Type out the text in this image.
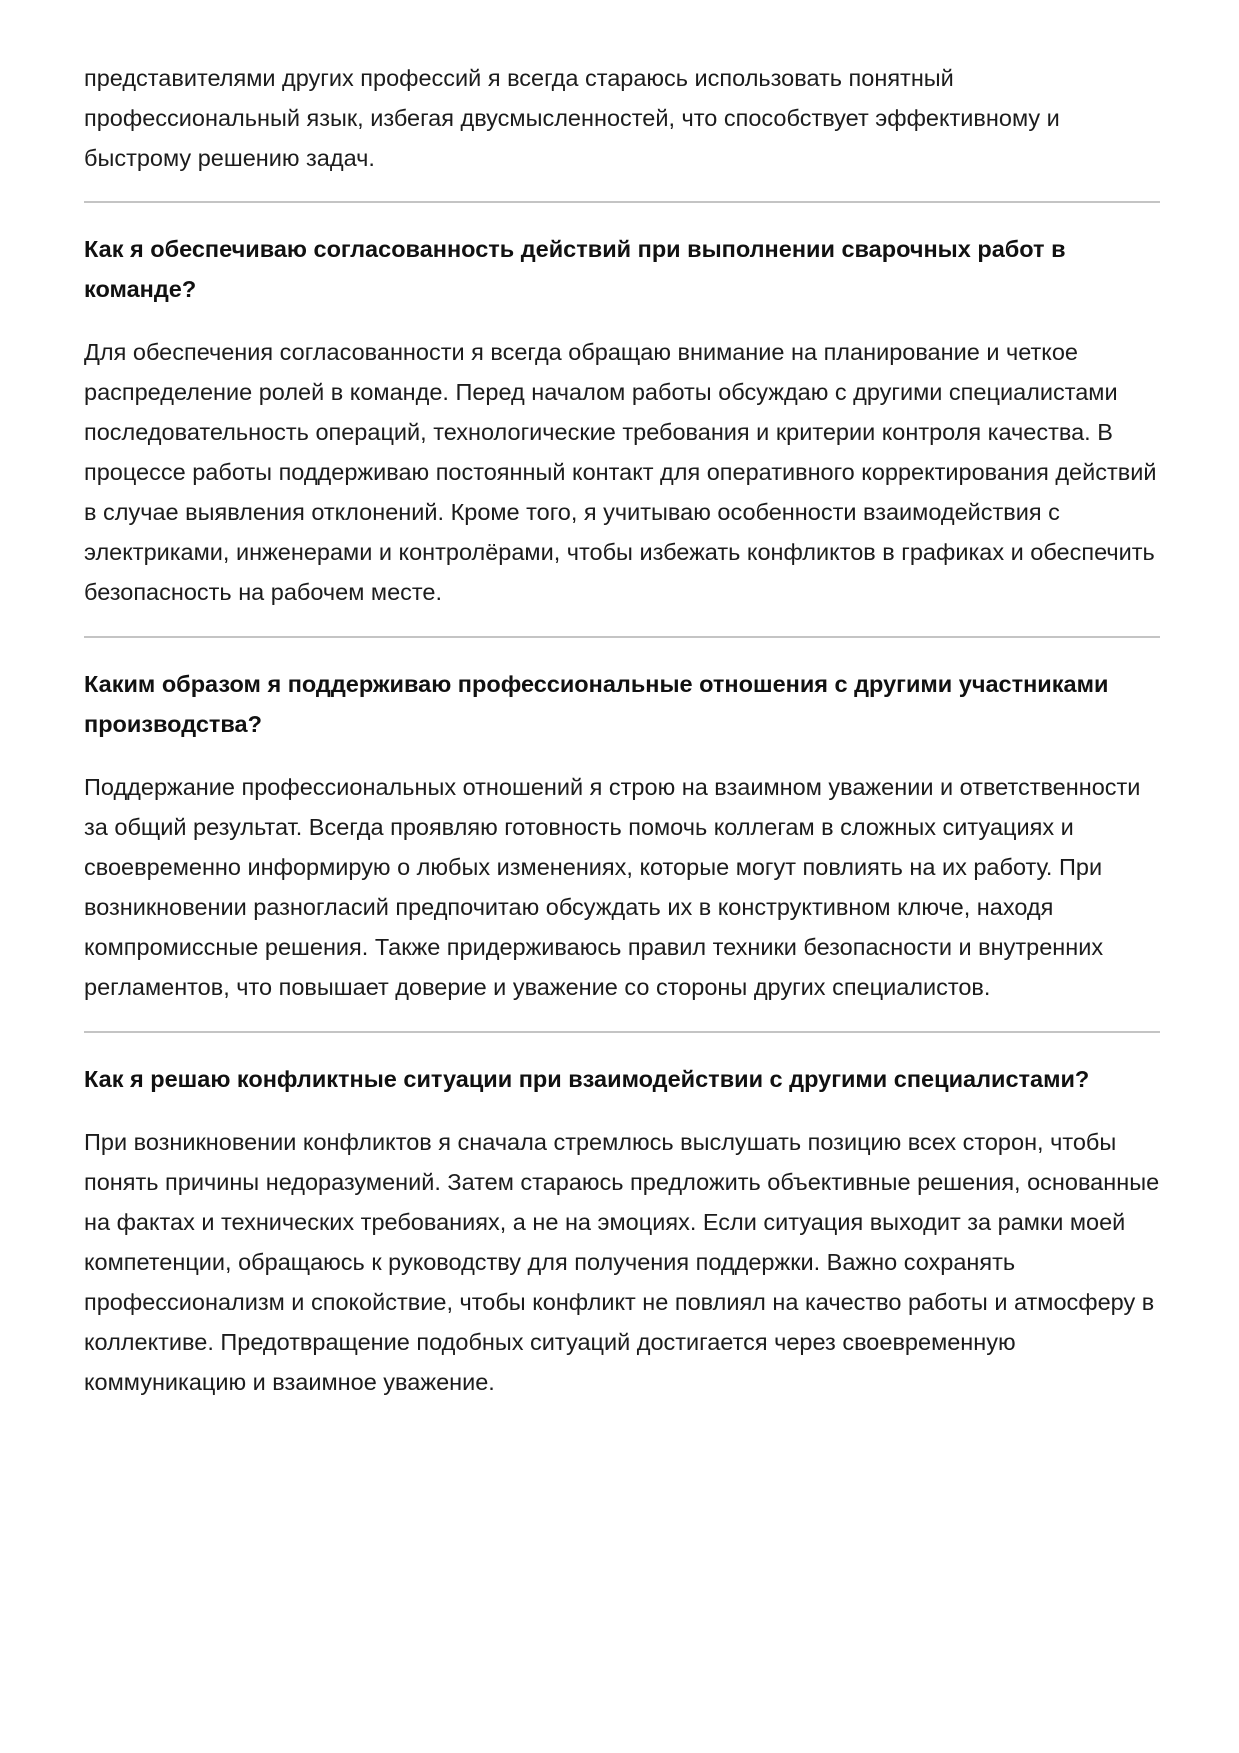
представителями других профессий я всегда стараюсь использовать понятный профессиональный язык, избегая двусмысленностей, что способствует эффективному и быстрому решению задач.

Как я обеспечиваю согласованность действий при выполнении сварочных работ в команде?

Для обеспечения согласованности я всегда обращаю внимание на планирование и четкое распределение ролей в команде. Перед началом работы обсуждаю с другими специалистами последовательность операций, технологические требования и критерии контроля качества. В процессе работы поддерживаю постоянный контакт для оперативного корректирования действий в случае выявления отклонений. Кроме того, я учитываю особенности взаимодействия с электриками, инженерами и контролёрами, чтобы избежать конфликтов в графиках и обеспечить безопасность на рабочем месте.

Каким образом я поддерживаю профессиональные отношения с другими участниками производства?

Поддержание профессиональных отношений я строю на взаимном уважении и ответственности за общий результат. Всегда проявляю готовность помочь коллегам в сложных ситуациях и своевременно информирую о любых изменениях, которые могут повлиять на их работу. При возникновении разногласий предпочитаю обсуждать их в конструктивном ключе, находя компромиссные решения. Также придерживаюсь правил техники безопасности и внутренних регламентов, что повышает доверие и уважение со стороны других специалистов.

Как я решаю конфликтные ситуации при взаимодействии с другими специалистами?

При возникновении конфликтов я сначала стремлюсь выслушать позицию всех сторон, чтобы понять причины недоразумений. Затем стараюсь предложить объективные решения, основанные на фактах и технических требованиях, а не на эмоциях. Если ситуация выходит за рамки моей компетенции, обращаюсь к руководству для получения поддержки. Важно сохранять профессионализм и спокойствие, чтобы конфликт не повлиял на качество работы и атмосферу в коллективе. Предотвращение подобных ситуаций достигается через своевременную коммуникацию и взаимное уважение.
